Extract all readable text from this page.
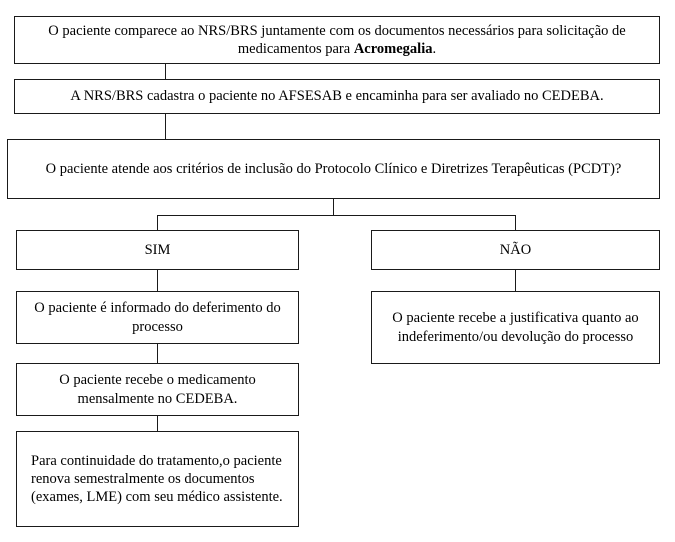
O paciente comparece ao NRS/BRS juntamente com os documentos necessários para solicitação de medicamentos para Acromegalia.
A NRS/BRS cadastra o paciente no AFSESAB e encaminha para ser avaliado no CEDEBA.
O paciente atende aos critérios de inclusão do Protocolo Clínico e Diretrizes Terapêuticas (PCDT)?
SIM	NÃO
O paciente é informado do deferimento do processo
O paciente recebe a justificativa quanto ao indeferimento/ou devolução do processo
O paciente recebe o medicamento mensalmente no CEDEBA.
Para continuidade do tratamento,o paciente renova semestralmente os documentos (exames, LME) com seu médico assistente.
